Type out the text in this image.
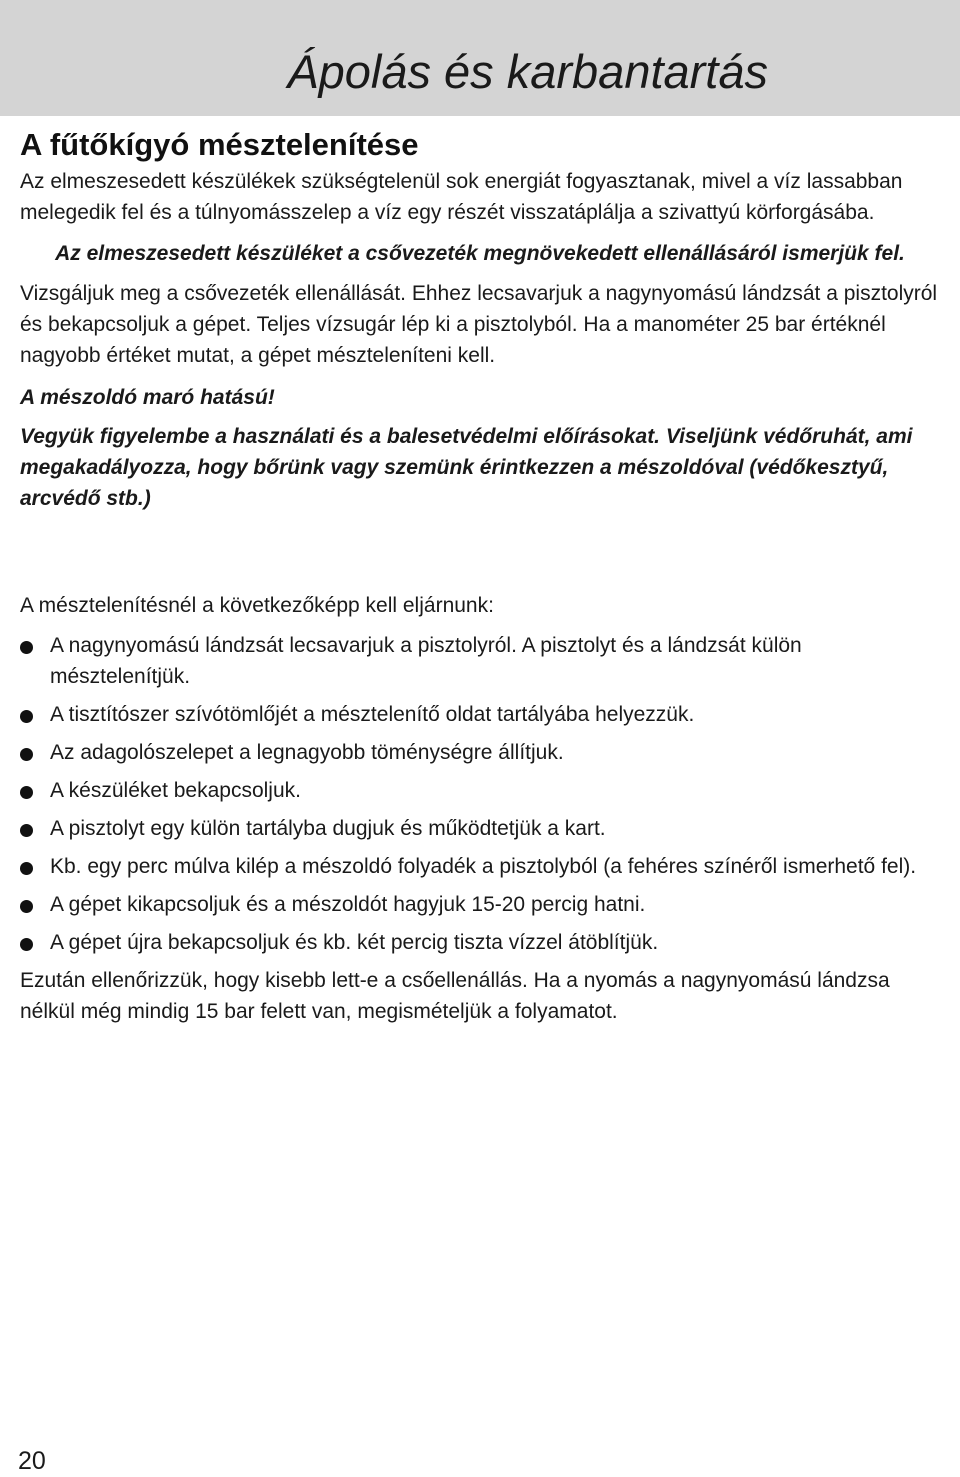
Ápolás és karbantartás
A fűtőkígyó mésztelenítése

Az elmeszesedett készülékek szükségtelenül sok energiát fogyasztanak, mivel a víz lassabban melegedik fel és a túlnyomásszelep a víz egy részét visszatáplálja a szivattyú körforgásába.

Az elmeszesedett készüléket a csővezeték megnövekedett ellenállásáról ismerjük fel.

Vizsgáljuk meg a csővezeték ellenállását. Ehhez lecsavarjuk a nagynyomású lándzsát a pisztolyról és bekapcsoljuk a gépet. Teljes vízsugár lép ki a pisztolyból. Ha a manométer 25 bar értéknél nagyobb értéket mutat, a gépet mészteleníteni kell.

A mészoldó maró hatású!

Vegyük figyelembe a használati és a balesetvédelmi előírásokat. Viseljünk védőruhát, ami megakadályozza, hogy bőrünk vagy szemünk érintkezzen a mészoldóval (védőkesztyű, arcvédő stb.)

A mésztelenítésnél a következőképp kell eljárnunk:

A nagynyomású lándzsát lecsavarjuk a pisztolyról. A pisztolyt és a lándzsát külön mésztelenítjük.
A tisztítószer szívótömlőjét a mésztelenítő oldat tartályába helyezzük.
Az adagolószelepet a legnagyobb töménységre állítjuk.
A készüléket bekapcsoljuk.
A pisztolyt egy külön tartályba dugjuk és működtetjük a kart.
Kb. egy perc múlva kilép a mészoldó folyadék a pisztolyból (a fehéres színéről ismerhető fel).
A gépet kikapcsoljuk és a mészoldót hagyjuk 15-20 percig hatni.
A gépet újra bekapcsoljuk és kb. két percig tiszta vízzel átöblítjük.

Ezután ellenőrizzük, hogy kisebb lett-e a csőellenállás. Ha a nyomás a nagynyomású lándzsa nélkül még mindig 15 bar felett van, megismételjük a folyamatot.

20
